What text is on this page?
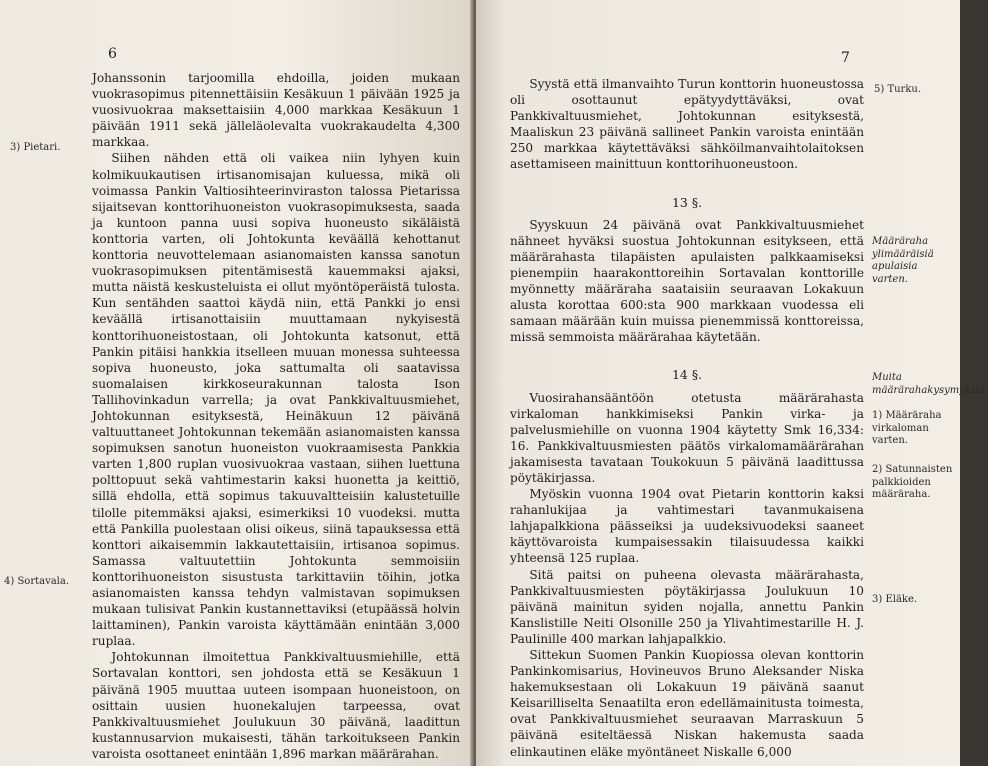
6
3) Pietari.
4) Sortavala.

Johanssonin tarjoomilla ehdoilla, joiden mukaan vuokrasopimus pitennettäisiin Kesäkuun 1 päivään 1925 ja vuosivuokraa maksettaisiin 4,000 markkaa Kesäkuun 1 päivään 1911 sekä jälleläolevalta vuokrakaudelta 4,300 markkaa.

Siihen nähden että oli vaikea niin lyhyen kuin kolmikuukautisen irtisanomisajan kuluessa, mikä oli voimassa Pankin Valtiosihteerinviraston talossa Pietarissa sijaitsevan konttorihuoneiston vuokrasopimuksesta, saada ja kuntoon panna uusi sopiva huoneusto sikäläistä konttoria varten, oli Johtokunta keväällä kehottanut konttoria neuvottelemaan asianomaisten kanssa sanotun vuokrasopimuksen pitentämisestä kauemmaksi ajaksi, mutta näistä keskusteluista ei ollut myöntöperäistä tulosta. Kun sentähden saattoi käydä niin, että Pankki jo ensi keväällä irtisanottaisiin muuttamaan nykyisestä konttorihuoneistostaan, oli Johtokunta katsonut, että Pankin pitäisi hankkia itselleen muuan monessa suhteessa sopiva huoneusto, joka sattumalta oli saatavissa suomalaisen kirkkoseurakunnan talosta Ison Tallihovinkadun varrella; ja ovat Pankkivaltuusmiehet, Johtokunnan esityksestä, Heinäkuun 12 päivänä valtuuttaneet Johtokunnan tekemään asianomaisten kanssa sopimuksen sanotun huoneiston vuokraamisesta Pankkia varten 1,800 ruplan vuosivuokraa vastaan, siihen luettuna polttopuut sekä vahtimestarin kaksi huonetta ja keittiö, sillä ehdolla, että sopimus takuuvaltteisiin kalustetuille tilolle pitemmäksi ajaksi, esimerkiksi 10 vuodeksi. mutta että Pankilla puolestaan olisi oikeus, siinä tapauksessa että konttori aikaisemmin lakkautettaisiin, irtisanoa sopimus. Samassa valtuutettiin Johtokunta semmoisiin konttorihuoneiston sisustusta tarkittaviin töihin, jotka asianomaisten kanssa tehdyn valmistavan sopimuksen mukaan tulisivat Pankin kustannettaviksi (etupäässä holvin laittaminen), Pankin varoista käyttämään enintään 3,000 ruplaa.

Johtokunnan ilmoitettua Pankkivaltuusmiehille, että Sortavalan konttori, sen johdosta että se Kesäkuun 1 päivänä 1905 muuttaa uuteen isompaan huoneistoon, on osittain uusien huonekalujen tarpeessa, ovat Pankkivaltuusmiehet Joulukuun 30 päivänä, laadittun kustannusarvion mukaisesti, tähän tarkoitukseen Pankin varoista osottaneet enintään 1,896 markan määrärahan.

7

Syystä että ilmanvaihto Turun konttorin huoneustossa oli osottaunut epätyydyttäväksi, ovat Pankkivaltuusmiehet, Johtokunnan esityksestä, Maaliskun 23 päivänä sallineet Pankin varoista enintään 250 markkaa käytettäväksi sähköilmanvaihtolaitoksen asettamiseen mainittuun konttorihuoneustoon.

13 §.

Syyskuun 24 päivänä ovat Pankkivaltuusmiehet nähneet hyväksi suostua Johtokunnan esitykseen, että määrärahasta tilapäisten apulaisten palkkaamiseksi pienempiin haarakonttoreihin Sortavalan konttorille myönnetty määräraha saataisiin seuraavan Lokakuun alusta korottaa 600:sta 900 markkaan vuodessa eli samaan määrään kuin muissa pienemmissä konttoreissa, missä semmoista määrärahaa käytetään.

14 §.

Vuosirahansääntöön otetusta määrärahasta virkaloman hankkimiseksi Pankin virka- ja palvelusmiehille on vuonna 1904 käytetty Smk 16,334: 16. Pankkivaltuusmiesten päätös virkalomamäärärahan jakamisesta tavataan Toukokuun 5 päivänä laadittussa pöytäkirjassa.

Myöskin vuonna 1904 ovat Pietarin konttorin kaksi rahanlukijaa ja vahtimestari tavanmukaisena lahjapalkkiona päässeiksi ja uudeksivuodeksi saaneet käyttövaroista kumpaisessakin tilaisuudessa kaikki yhteensä 125 ruplaa.

Sitä paitsi on puheena olevasta määrärahasta, Pankkivaltuusmiesten pöytäkirjassa Joulukuun 10 päivänä mainitun syiden nojalla, annettu Pankin Kanslistille Neiti Olsonille 250 ja Ylivahtimestarille H. J. Paulinille 400 markan lahjapalkkio.

Sittekun Suomen Pankin Kuopiossa olevan konttorin Pankinkomisarius, Hovineuvos Bruno Aleksander Niska hakemuksestaan oli Lokakuun 19 päivänä saanut Keisarilliselta Senaatilta eron edellämainitusta toimesta, ovat Pankkivaltuusmiehet seuraavan Marraskuun 5 päivänä esiteltäessä Niskan hakemusta saada elinkautinen eläke myöntäneet Niskalle 6,000

5) Turku.
Määräraha ylimääräisiä apulaisia varten.
Muita määrärahakysymyksiä.
1) Määräraha virkaloman varten.
2) Satunnaisten palkkioiden määräraha.
3) Eläke.
